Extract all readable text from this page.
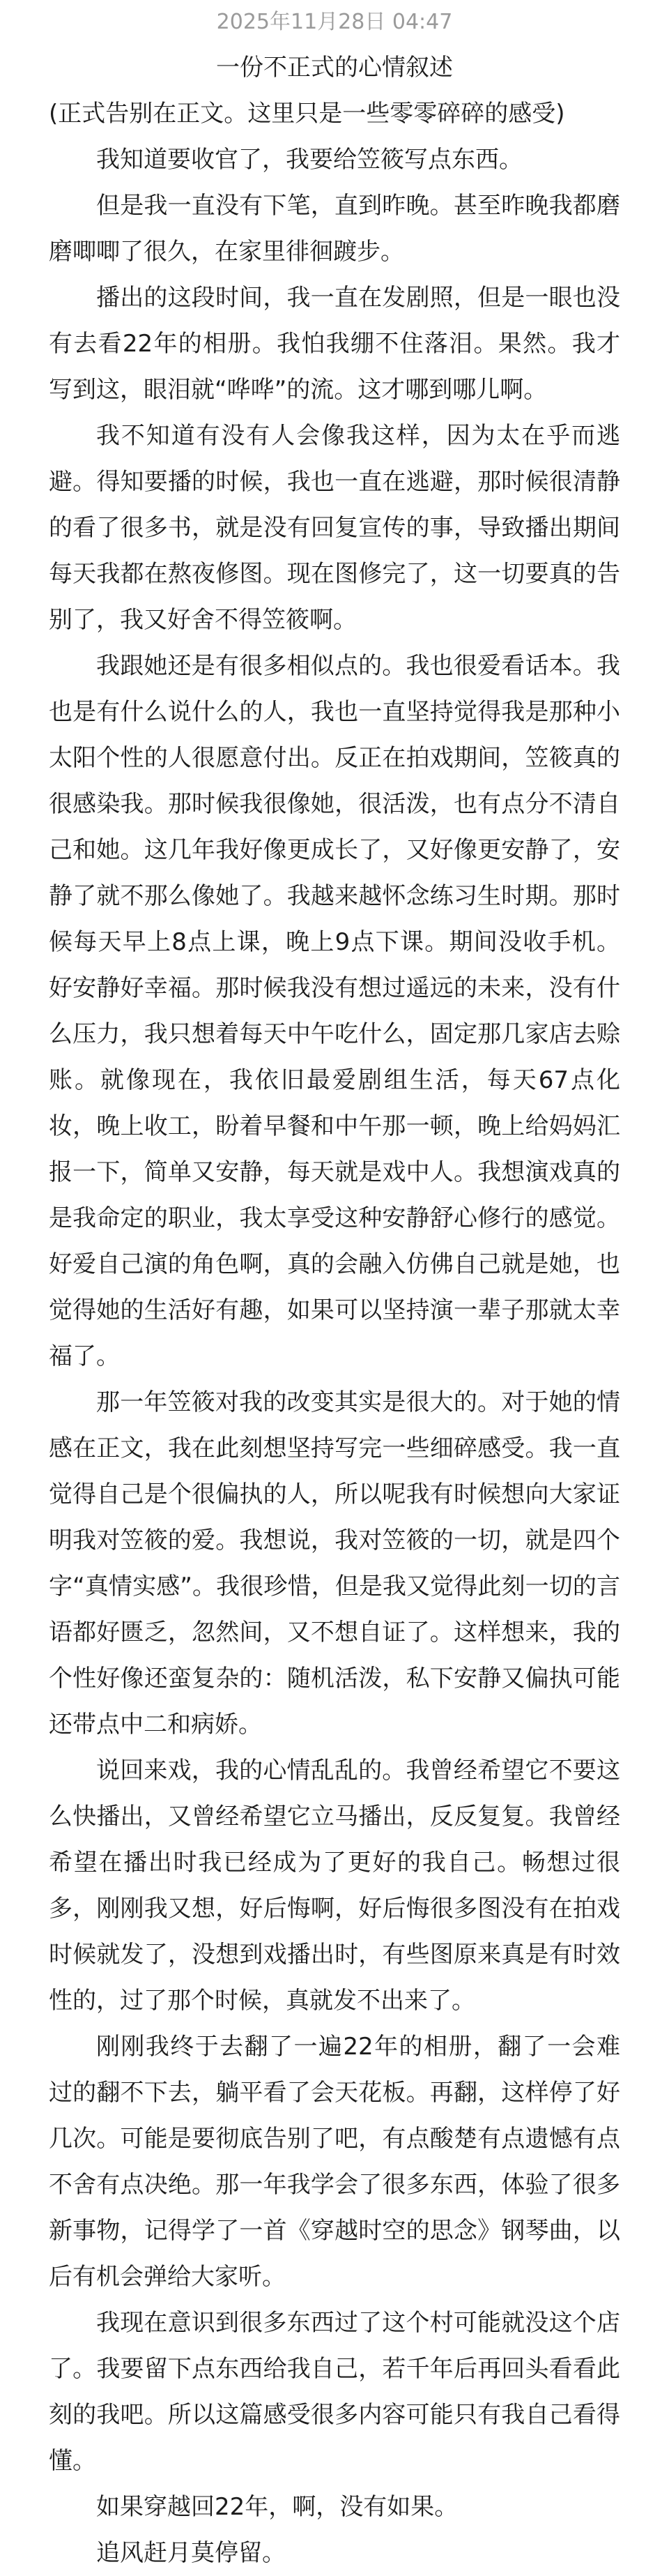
2025年11月28日 04:47
一份不正式的心情叙述
(正式告别在正文。这里只是一些零零碎碎的感受)

我知道要收官了，我要给笠筱写点东西。

但是我一直没有下笔，直到昨晚。甚至昨晚我都磨磨唧唧了很久，在家里徘徊踱步。

播出的这段时间，我一直在发剧照，但是一眼也没有去看22年的相册。我怕我绷不住落泪。果然。我才写到这，眼泪就“哗哗”的流。这才哪到哪儿啊。

我不知道有没有人会像我这样，因为太在乎而逃避。得知要播的时候，我也一直在逃避，那时候很清静的看了很多书，就是没有回复宣传的事，导致播出期间每天我都在熬夜修图。现在图修完了，这一切要真的告别了，我又好舍不得笠筱啊。

我跟她还是有很多相似点的。我也很爱看话本。我也是有什么说什么的人，我也一直坚持觉得我是那种小太阳个性的人很愿意付出。反正在拍戏期间，笠筱真的很感染我。那时候我很像她，很活泼，也有点分不清自己和她。这几年我好像更成长了，又好像更安静了，安静了就不那么像她了。我越来越怀念练习生时期。那时候每天早上8点上课，晚上9点下课。期间没收手机。好安静好幸福。那时候我没有想过遥远的未来，没有什么压力，我只想着每天中午吃什么，固定那几家店去赊账。就像现在，我依旧最爱剧组生活，每天67点化妆，晚上收工，盼着早餐和中午那一顿，晚上给妈妈汇报一下，简单又安静，每天就是戏中人。我想演戏真的是我命定的职业，我太享受这种安静舒心修行的感觉。好爱自己演的角色啊，真的会融入仿佛自己就是她，也觉得她的生活好有趣，如果可以坚持演一辈子那就太幸福了。

那一年笠筱对我的改变其实是很大的。对于她的情感在正文，我在此刻想坚持写完一些细碎感受。我一直觉得自己是个很偏执的人，所以呢我有时候想向大家证明我对笠筱的爱。我想说，我对笠筱的一切，就是四个字“真情实感”。我很珍惜，但是我又觉得此刻一切的言语都好匮乏，忽然间，又不想自证了。这样想来，我的个性好像还蛮复杂的：随机活泼，私下安静又偏执可能还带点中二和病娇。

说回来戏，我的心情乱乱的。我曾经希望它不要这么快播出，又曾经希望它立马播出，反反复复。我曾经希望在播出时我已经成为了更好的我自己。畅想过很多，刚刚我又想，好后悔啊，好后悔很多图没有在拍戏时候就发了，没想到戏播出时，有些图原来真是有时效性的，过了那个时候，真就发不出来了。

刚刚我终于去翻了一遍22年的相册，翻了一会难过的翻不下去，躺平看了会天花板。再翻，这样停了好几次。可能是要彻底告别了吧，有点酸楚有点遗憾有点不舍有点决绝。那一年我学会了很多东西，体验了很多新事物，记得学了一首《穿越时空的思念》钢琴曲，以后有机会弹给大家听。

我现在意识到很多东西过了这个村可能就没这个店了。我要留下点东西给我自己，若千年后再回头看看此刻的我吧。所以这篇感受很多内容可能只有我自己看得懂。

如果穿越回22年，啊，没有如果。

追风赶月莫停留。
